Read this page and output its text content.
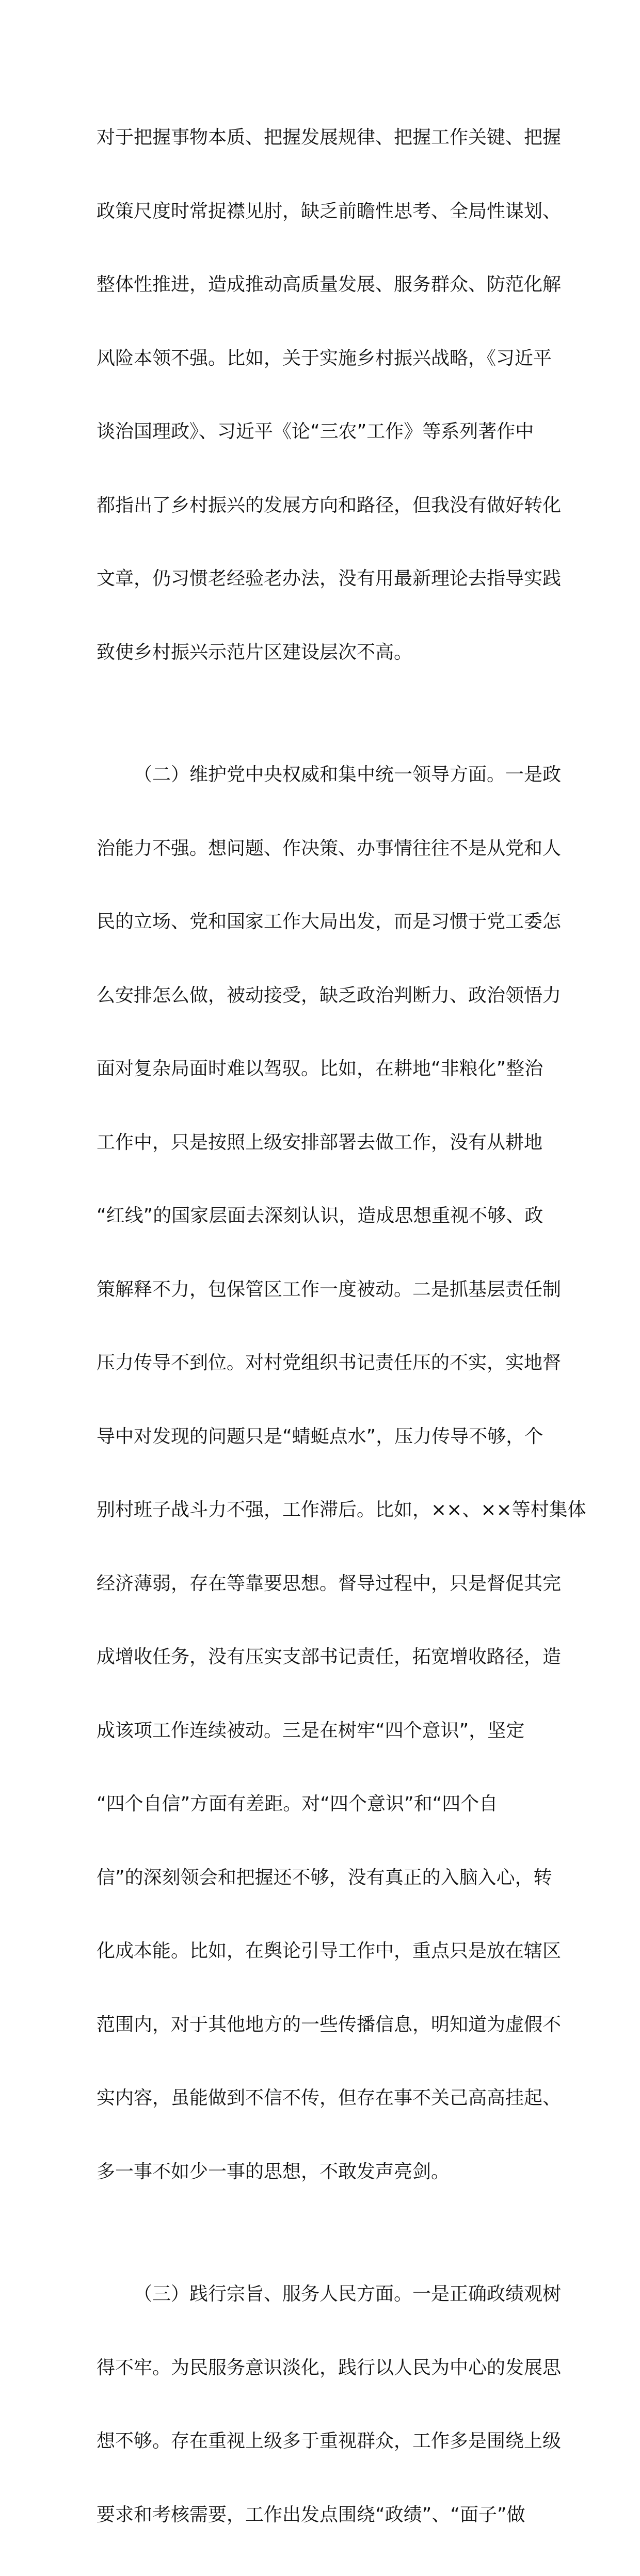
对于把握事物本质、把握发展规律、把握工作关键、把握

政策尺度时常捉襟见肘，缺乏前瞻性思考、全局性谋划、

整体性推进，造成推动高质量发展、服务群众、防范化解

风险本领不强。比如，关于实施乡村振兴战略，《习近平

谈治国理政》、习近平《论“三农”工作》等系列著作中

都指出了乡村振兴的发展方向和路径，但我没有做好转化

文章，仍习惯老经验老办法，没有用最新理论去指导实践

致使乡村振兴示范片区建设层次不高。

（二）维护党中央权威和集中统一领导方面。一是政

治能力不强。想问题、作决策、办事情往往不是从党和人

民的立场、党和国家工作大局出发，而是习惯于党工委怎

么安排怎么做，被动接受，缺乏政治判断力、政治领悟力

面对复杂局面时难以驾驭。比如，在耕地“非粮化”整治

工作中，只是按照上级安排部署去做工作，没有从耕地

“红线”的国家层面去深刻认识，造成思想重视不够、政

策解释不力，包保管区工作一度被动。二是抓基层责任制

压力传导不到位。对村党组织书记责任压的不实，实地督

导中对发现的问题只是“蜻蜓点水”，压力传导不够，个

别村班子战斗力不强，工作滞后。比如，××、××等村集体

经济薄弱，存在等靠要思想。督导过程中，只是督促其完

成增收任务，没有压实支部书记责任，拓宽增收路径，造

成该项工作连续被动。三是在树牢“四个意识”，坚定

“四个自信”方面有差距。对“四个意识”和“四个自

信”的深刻领会和把握还不够，没有真正的入脑入心，转

化成本能。比如，在舆论引导工作中，重点只是放在辖区

范围内，对于其他地方的一些传播信息，明知道为虚假不

实内容，虽能做到不信不传，但存在事不关己高高挂起、

多一事不如少一事的思想，不敢发声亮剑。

（三）践行宗旨、服务人民方面。一是正确政绩观树

得不牢。为民服务意识淡化，践行以人民为中心的发展思

想不够。存在重视上级多于重视群众，工作多是围绕上级

要求和考核需要，工作出发点围绕“政绩”、“面子”做
